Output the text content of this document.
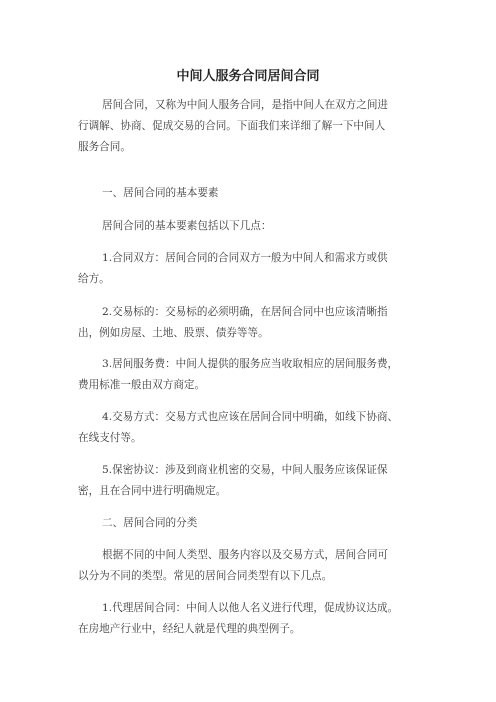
中间人服务合同居间合同
居间合同，又称为中间人服务合同，是指中间人在双方之间进
行调解、协商、促成交易的合同。下面我们来详细了解一下中间人
服务合同。
一、居间合同的基本要素
居间合同的基本要素包括以下几点：
1.合同双方：居间合同的合同双方一般为中间人和需求方或供
给方。
2.交易标的：交易标的必须明确，在居间合同中也应该清晰指
出，例如房屋、土地、股票、债券等等。
3.居间服务费：中间人提供的服务应当收取相应的居间服务费，
费用标准一般由双方商定。
4.交易方式：交易方式也应该在居间合同中明确，如线下协商、
在线支付等。
5.保密协议：涉及到商业机密的交易，中间人服务应该保证保
密，且在合同中进行明确规定。
二、居间合同的分类
根据不同的中间人类型、服务内容以及交易方式，居间合同可
以分为不同的类型。常见的居间合同类型有以下几点。
1.代理居间合同：中间人以他人名义进行代理，促成协议达成。
在房地产行业中，经纪人就是代理的典型例子。
